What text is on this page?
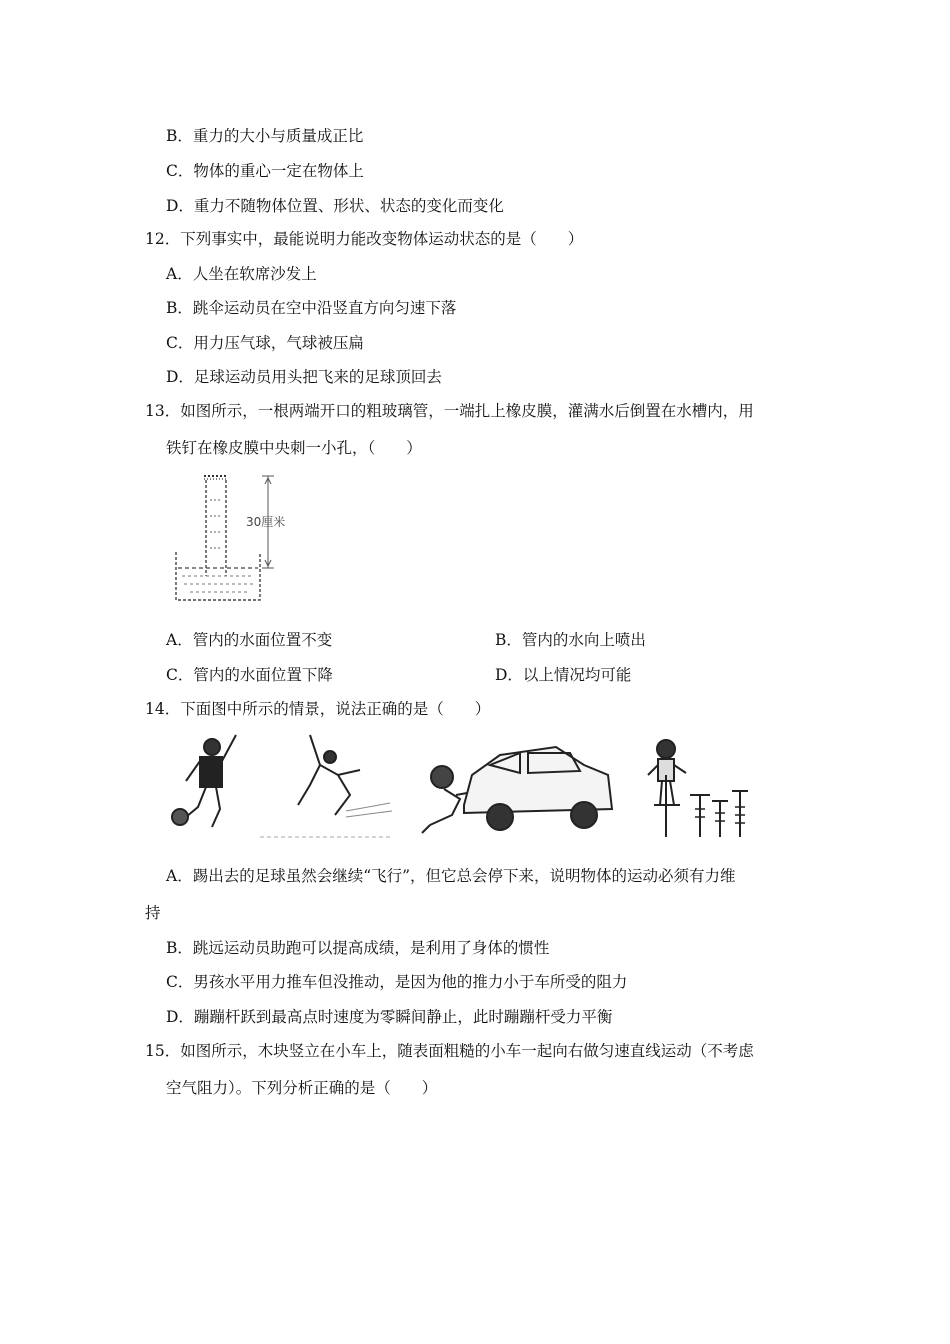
B．重力的大小与质量成正比
C．物体的重心一定在物体上
D．重力不随物体位置、形状、状态的变化而变化
12．下列事实中，最能说明力能改变物体运动状态的是（　　）
A．人坐在软席沙发上
B．跳伞运动员在空中沿竖直方向匀速下落
C．用力压气球，气球被压扁
D．足球运动员用头把飞来的足球顶回去
13．如图所示，一根两端开口的粗玻璃管，一端扎上橡皮膜，灌满水后倒置在水槽内，用
铁钉在橡皮膜中央刺一小孔，（　　）
30厘米
A．管内的水面位置不变	B．管内的水向上喷出
C．管内的水面位置下降	D．以上情况均可能
14．下面图中所示的情景，说法正确的是（　　）
A．踢出去的足球虽然会继续“飞行”，但它总会停下来，说明物体的运动必须有力维
持
B．跳远运动员助跑可以提高成绩，是利用了身体的惯性
C．男孩水平用力推车但没推动，是因为他的推力小于车所受的阻力
D．蹦蹦杆跃到最高点时速度为零瞬间静止，此时蹦蹦杆受力平衡
15．如图所示，木块竖立在小车上，随表面粗糙的小车一起向右做匀速直线运动（不考虑
空气阻力）。下列分析正确的是（　　）
